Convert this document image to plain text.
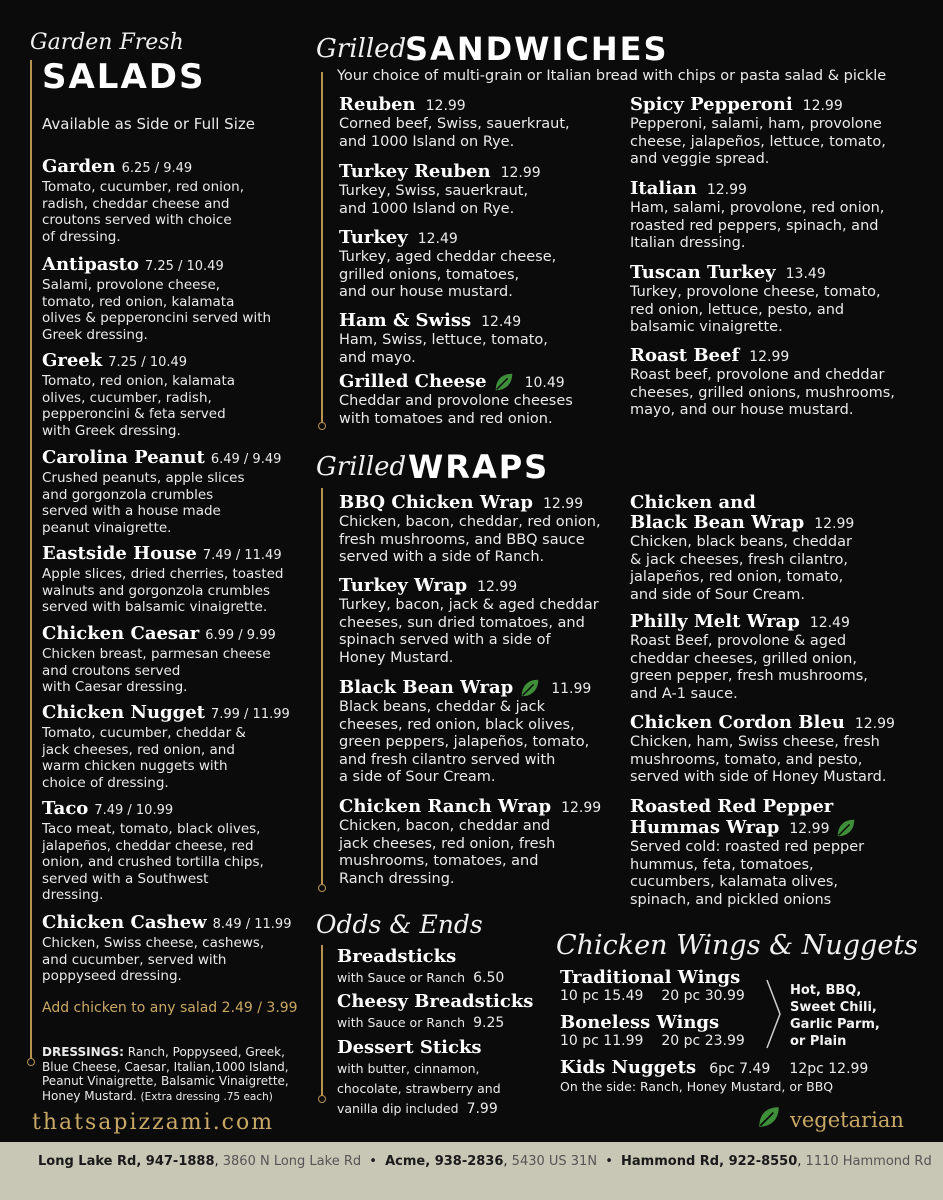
Garden Fresh
SALADS
Available as Side or Full Size
Garden 6.25 / 9.49
Tomato, cucumber, red onion,
radish, cheddar cheese and
croutons served with choice
of dressing.
Antipasto 7.25 / 10.49
Salami, provolone cheese,
tomato, red onion, kalamata
olives & pepperoncini served with
Greek dressing.
Greek 7.25 / 10.49
Tomato, red onion, kalamata
olives, cucumber, radish,
pepperoncini & feta served
with Greek dressing.
Carolina Peanut 6.49 / 9.49
Crushed peanuts, apple slices
and gorgonzola crumbles
served with a house made
peanut vinaigrette.
Eastside House 7.49 / 11.49
Apple slices, dried cherries, toasted
walnuts and gorgonzola crumbles
served with balsamic vinaigrette.
Chicken Caesar 6.99 / 9.99
Chicken breast, parmesan cheese
and croutons served
with Caesar dressing.
Chicken Nugget 7.99 / 11.99
Tomato, cucumber, cheddar &
jack cheeses, red onion, and
warm chicken nuggets with
choice of dressing.
Taco 7.49 / 10.99
Taco meat, tomato, black olives,
jalapeños, cheddar cheese, red
onion, and crushed tortilla chips,
served with a Southwest
dressing.
Chicken Cashew 8.49 / 11.99
Chicken, Swiss cheese, cashews,
and cucumber, served with
poppyseed dressing.
Add chicken to any salad 2.49 / 3.99
DRESSINGS: Ranch, Poppyseed, Greek, Blue Cheese, Caesar, Italian,1000 Island, Peanut Vinaigrette, Balsamic Vinaigrette, Honey Mustard. (Extra dressing .75 each)
Grilled
SANDWICHES
Your choice of multi-grain or Italian bread with chips or pasta salad & pickle
Reuben 12.99
Corned beef, Swiss, sauerkraut,
and 1000 Island on Rye.
Turkey Reuben 12.99
Turkey, Swiss, sauerkraut,
and 1000 Island on Rye.
Turkey 12.49
Turkey, aged cheddar cheese,
grilled onions, tomatoes,
and our house mustard.
Ham & Swiss 12.49
Ham, Swiss, lettuce, tomato,
and mayo.
Grilled Cheese	10.49
Cheddar and provolone cheeses
with tomatoes and red onion.
Spicy Pepperoni 12.99
Pepperoni, salami, ham, provolone
cheese, jalapeños, lettuce, tomato,
and veggie spread.
Italian 12.99
Ham, salami, provolone, red onion,
roasted red peppers, spinach, and
Italian dressing.
Tuscan Turkey 13.49
Turkey, provolone cheese, tomato,
red onion, lettuce, pesto, and
balsamic vinaigrette.
Roast Beef 12.99
Roast beef, provolone and cheddar
cheeses, grilled onions, mushrooms,
mayo, and our house mustard.
Grilled WRAPS
BBQ Chicken Wrap 12.99
Chicken, bacon, cheddar, red onion,
fresh mushrooms, and BBQ sauce
served with a side of Ranch.
Turkey Wrap 12.99
Turkey, bacon, jack & aged cheddar
cheeses, sun dried tomatoes, and
spinach served with a side of
Honey Mustard.
Black Bean Wrap	11.99
Black beans, cheddar & jack
cheeses, red onion, black olives,
green peppers, jalapeños, tomato,
and fresh cilantro served with
a side of Sour Cream.
Chicken Ranch Wrap 12.99
Chicken, bacon, cheddar and
jack cheeses, red onion, fresh
mushrooms, tomatoes, and
Ranch dressing.
Chicken and
Black Bean Wrap 12.99
Chicken, black beans, cheddar
& jack cheeses, fresh cilantro,
jalapeños, red onion, tomato,
and side of Sour Cream.
Philly Melt Wrap 12.49
Roast Beef, provolone & aged
cheddar cheeses, grilled onion,
green pepper, fresh mushrooms,
and A-1 sauce.
Chicken Cordon Bleu 12.99
Chicken, ham, Swiss cheese, fresh
mushrooms, tomato, and pesto,
served with side of Honey Mustard.
Roasted Red Pepper
Hummas Wrap 12.99
Served cold: roasted red pepper
hummus, feta, tomatoes,
cucumbers, kalamata olives,
spinach, and pickled onions
Odds & Ends
Breadsticks
with Sauce or Ranch 6.50
Cheesy Breadsticks
with Sauce or Ranch 9.25
Dessert Sticks
with butter, cinnamon,
chocolate, strawberry and
vanilla dip included 7.99
Chicken Wings & Nuggets
Traditional Wings
10 pc 15.49 20 pc 30.99
Boneless Wings
10 pc 11.99 20 pc 23.99
Hot, BBQ,
Sweet Chili,
Garlic Parm,
or Plain
Kids Nuggets 6pc 7.49 12pc 12.99
On the side: Ranch, Honey Mustard, or BBQ
thatsapizzami.com	vegetarian
Long Lake Rd, 947-1888, 3860 N Long Lake Rd • Acme, 938-2836, 5430 US 31N • Hammond Rd, 922-8550, 1110 Hammond Rd
